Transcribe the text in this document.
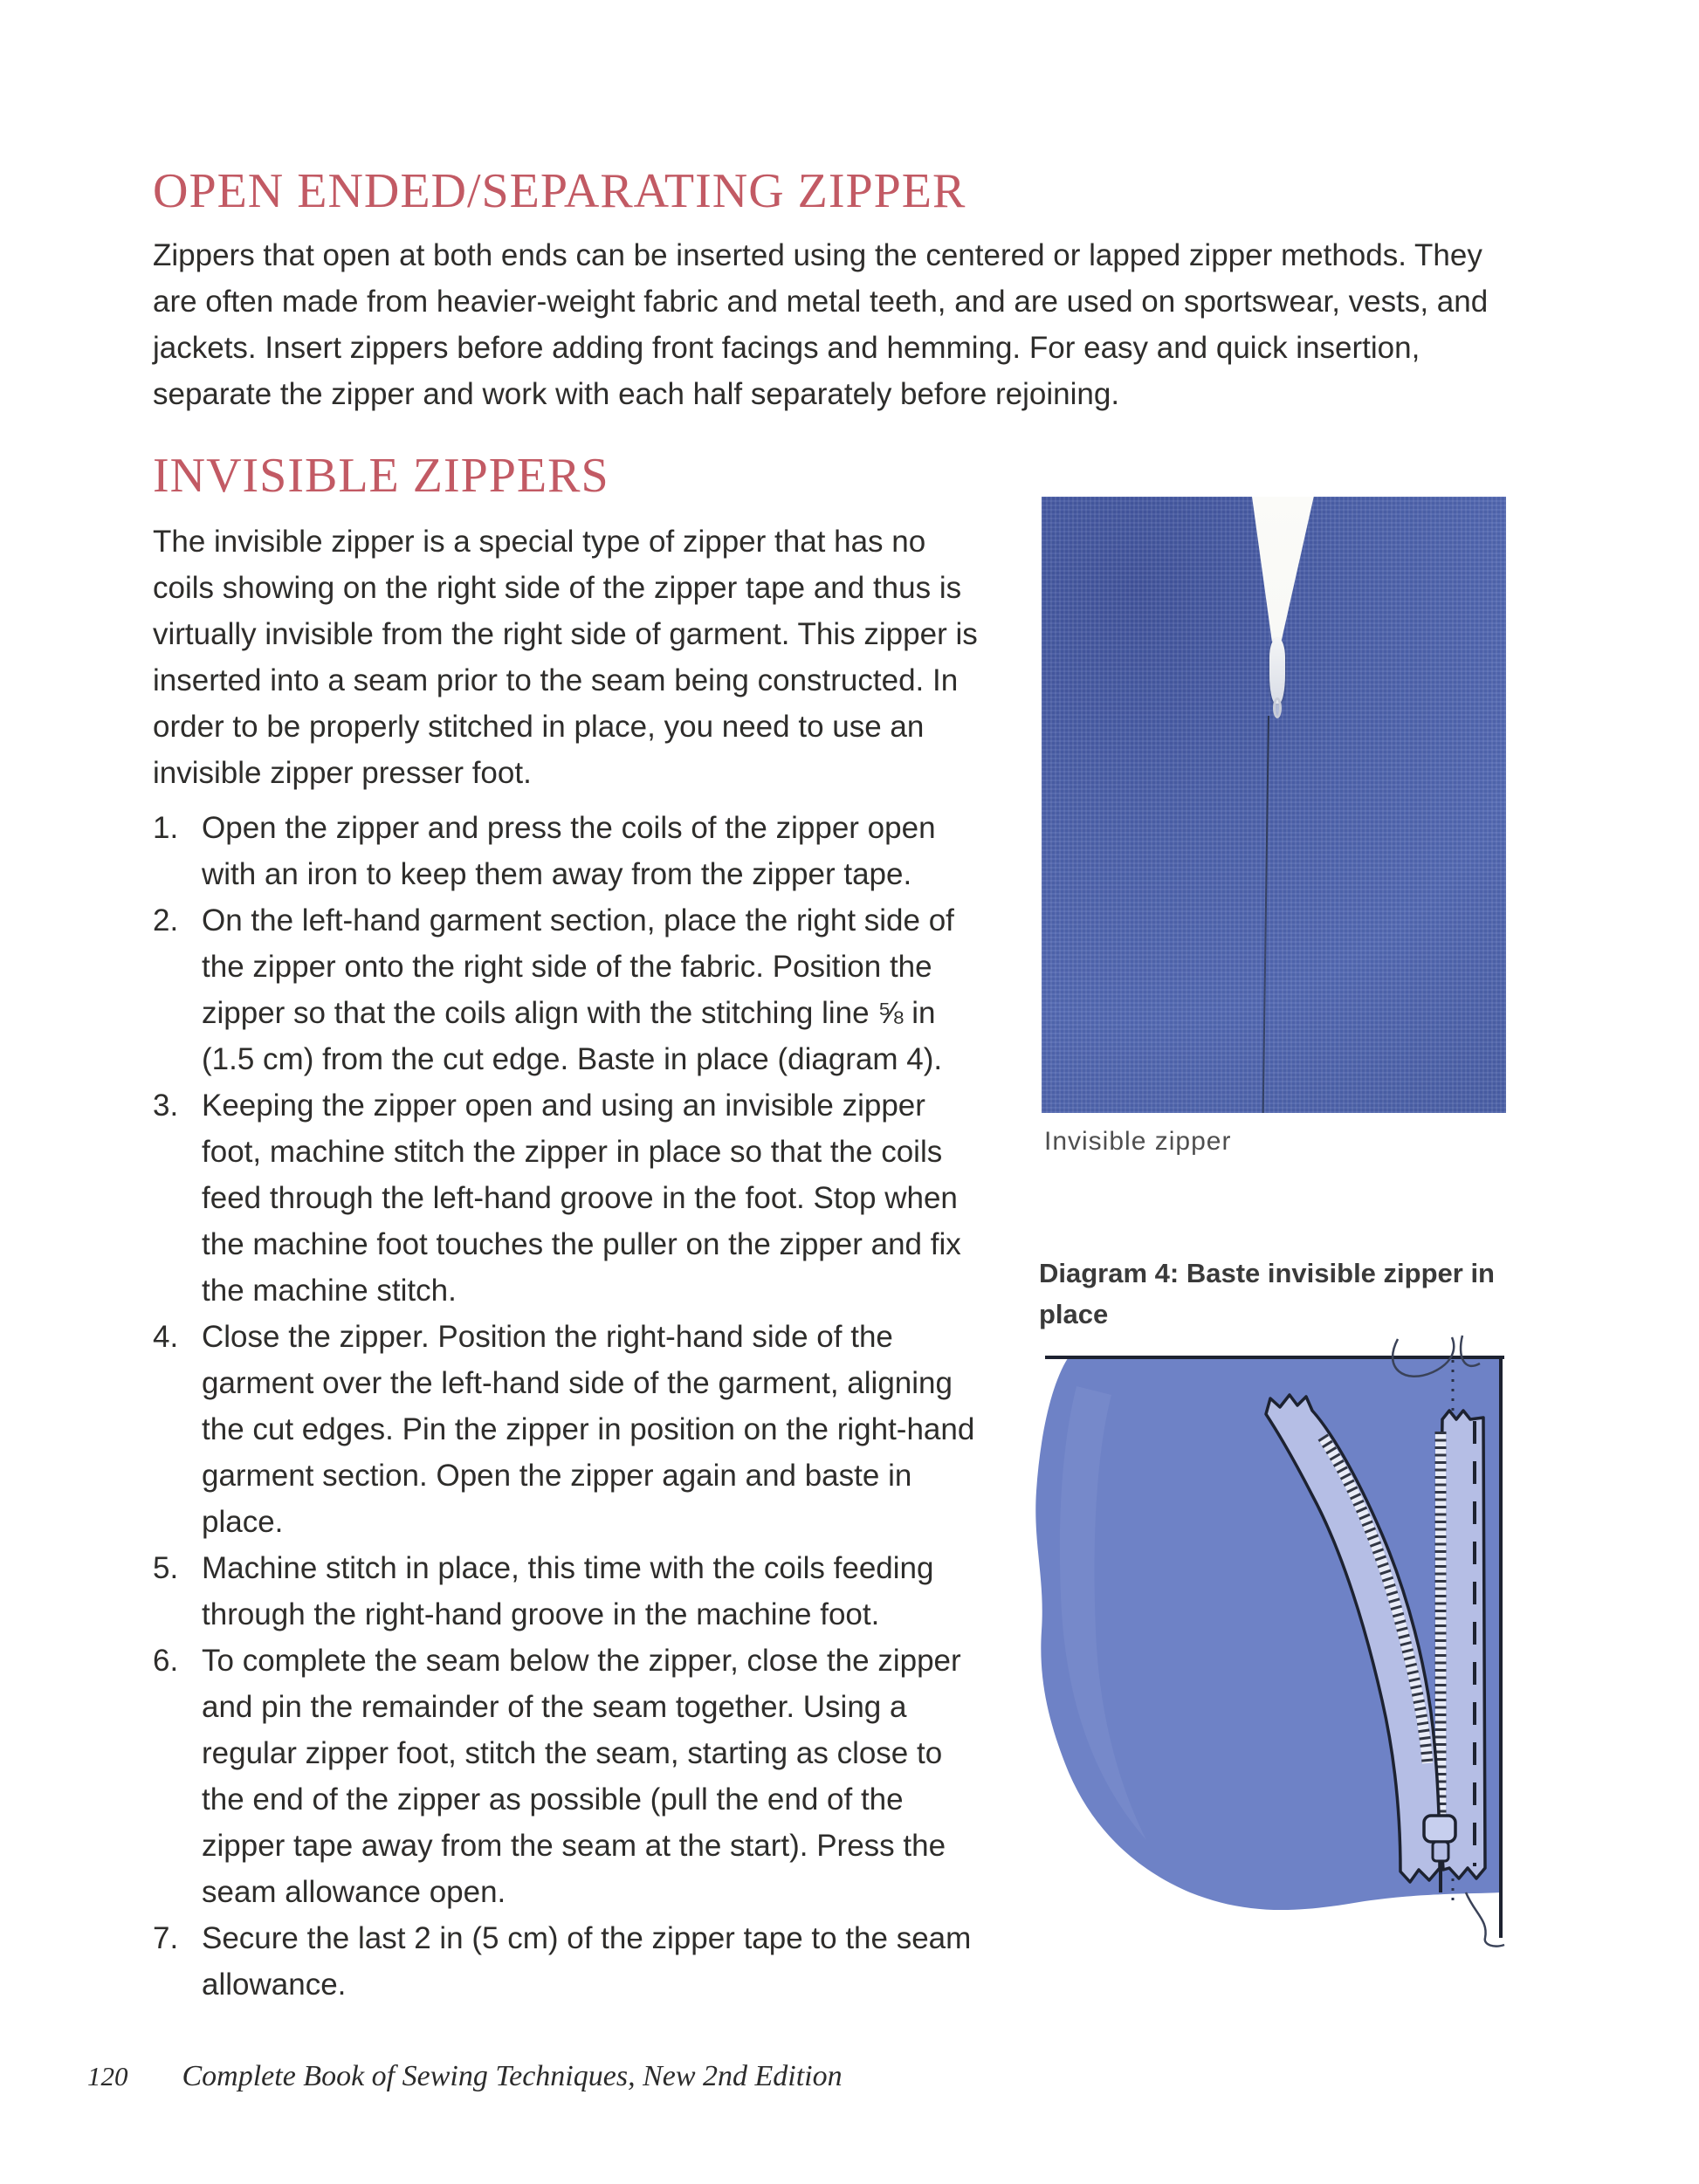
OPEN ENDED/SEPARATING ZIPPER

Zippers that open at both ends can be inserted using the centered or lapped zipper methods. They are often made from heavier-weight fabric and metal teeth, and are used on sportswear, vests, and jackets. Insert zippers before adding front facings and hemming. For easy and quick insertion, separate the zipper and work with each half separately before rejoining.

INVISIBLE ZIPPERS

The invisible zipper is a special type of zipper that has no coils showing on the right side of the zipper tape and thus is virtually invisible from the right side of garment. This zipper is inserted into a seam prior to the seam being constructed. In order to be properly stitched in place, you need to use an invisible zipper presser foot.

1. Open the zipper and press the coils of the zipper open with an iron to keep them away from the zipper tape.
2. On the left-hand garment section, place the right side of the zipper onto the right side of the fabric. Position the zipper so that the coils align with the stitching line ⅝ in (1.5 cm) from the cut edge. Baste in place (diagram 4).
3. Keeping the zipper open and using an invisible zipper foot, machine stitch the zipper in place so that the coils feed through the left-hand groove in the foot. Stop when the machine foot touches the puller on the zipper and fix the machine stitch.
4. Close the zipper. Position the right-hand side of the garment over the left-hand side of the garment, aligning the cut edges. Pin the zipper in position on the right-hand garment section. Open the zipper again and baste in place.
5. Machine stitch in place, this time with the coils feeding through the right-hand groove in the machine foot.
6. To complete the seam below the zipper, close the zipper and pin the remainder of the seam together. Using a regular zipper foot, stitch the seam, starting as close to the end of the zipper as possible (pull the end of the zipper tape away from the seam at the start). Press the seam allowance open.
7. Secure the last 2 in (5 cm) of the zipper tape to the seam allowance.
Invisible zipper
Diagram 4: Baste invisible zipper in place
120 Complete Book of Sewing Techniques, New 2nd Edition
